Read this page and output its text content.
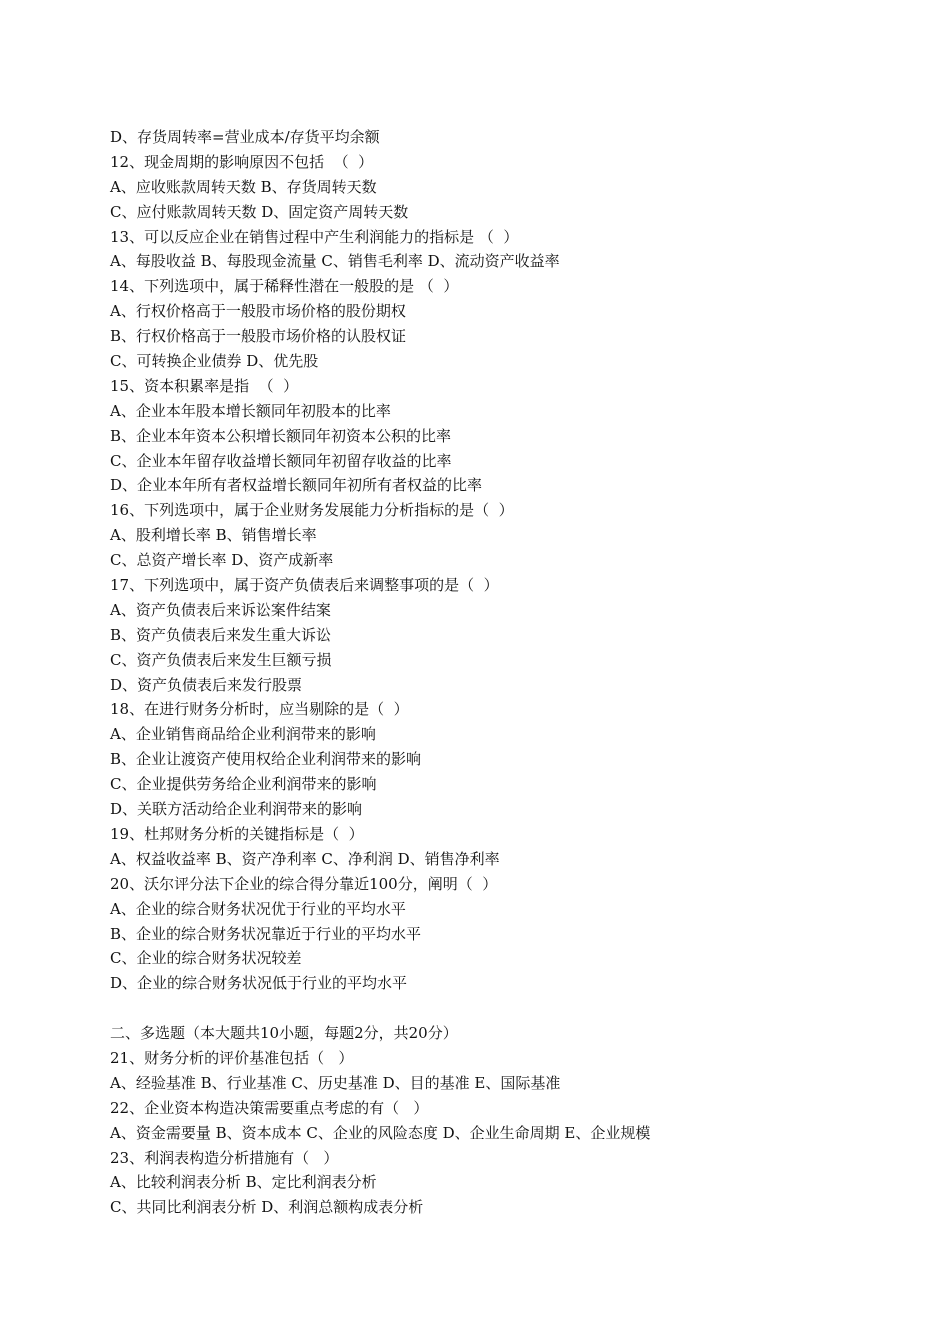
D、存货周转率=营业成本/存货平均余额
12、现金周期的影响原因不包括  （  ）
A、应收账款周转天数 B、存货周转天数
C、应付账款周转天数 D、固定资产周转天数
13、可以反应企业在销售过程中产生利润能力的指标是 （  ）
A、每股收益 B、每股现金流量 C、销售毛利率 D、流动资产收益率
14、下列选项中，属于稀释性潜在一般股的是 （  ）
A、行权价格高于一般股市场价格的股份期权
B、行权价格高于一般股市场价格的认股权证
C、可转换企业债券 D、优先股
15、资本积累率是指  （  ）
A、企业本年股本增长额同年初股本的比率
B、企业本年资本公积增长额同年初资本公积的比率
C、企业本年留存收益增长额同年初留存收益的比率
D、企业本年所有者权益增长额同年初所有者权益的比率
16、下列选项中，属于企业财务发展能力分析指标的是（  ）
A、股利增长率 B、销售增长率
C、总资产增长率 D、资产成新率
17、下列选项中，属于资产负债表后来调整事项的是（  ）
A、资产负债表后来诉讼案件结案
B、资产负债表后来发生重大诉讼
C、资产负债表后来发生巨额亏损
D、资产负债表后来发行股票
18、在进行财务分析时，应当剔除的是（  ）
A、企业销售商品给企业利润带来的影响
B、企业让渡资产使用权给企业利润带来的影响
C、企业提供劳务给企业利润带来的影响
D、关联方活动给企业利润带来的影响
19、杜邦财务分析的关键指标是（  ）
A、权益收益率 B、资产净利率 C、净利润 D、销售净利率
20、沃尔评分法下企业的综合得分靠近100分，阐明（  ）
A、企业的综合财务状况优于行业的平均水平
B、企业的综合财务状况靠近于行业的平均水平
C、企业的综合财务状况较差
D、企业的综合财务状况低于行业的平均水平
二、多选题（本大题共10小题，每题2分，共20分）
21、财务分析的评价基准包括（   ）
A、经验基准 B、行业基准 C、历史基准 D、目的基准 E、国际基准
22、企业资本构造决策需要重点考虑的有（   ）
A、资金需要量 B、资本成本 C、企业的风险态度 D、企业生命周期 E、企业规模
23、利润表构造分析措施有（   ）
A、比较利润表分析 B、定比利润表分析
C、共同比利润表分析 D、利润总额构成表分析
